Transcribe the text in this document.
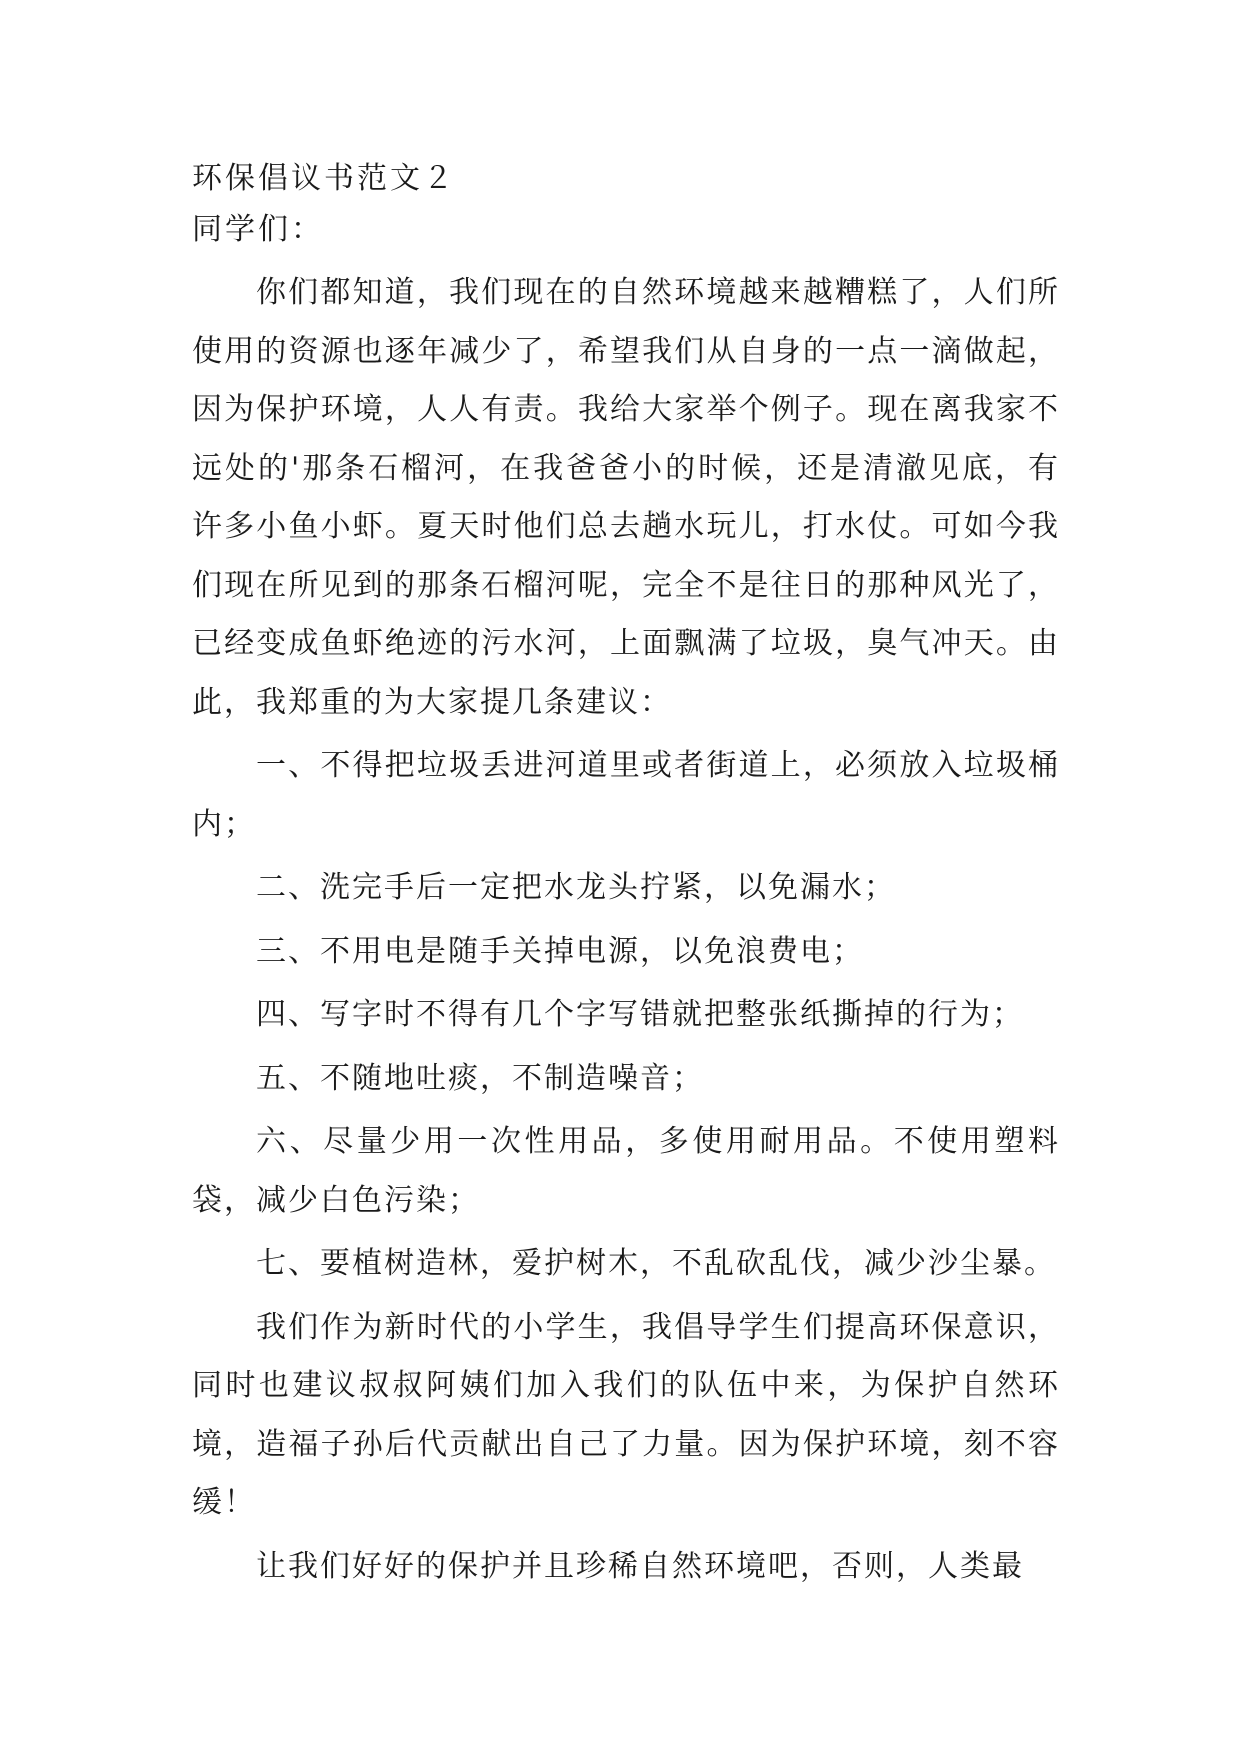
环保倡议书范文２
同学们：

你们都知道，我们现在的自然环境越来越糟糕了，人们所使用的资源也逐年减少了，希望我们从自身的一点一滴做起，因为保护环境，人人有责。我给大家举个例子。现在离我家不远处的'那条石榴河，在我爸爸小的时候，还是清澈见底，有许多小鱼小虾。夏天时他们总去趟水玩儿，打水仗。可如今我们现在所见到的那条石榴河呢，完全不是往日的那种风光了，已经变成鱼虾绝迹的污水河，上面飘满了垃圾，臭气冲天。由此，我郑重的为大家提几条建议：

一、不得把垃圾丢进河道里或者街道上，必须放入垃圾桶内；

二、洗完手后一定把水龙头拧紧，以免漏水；

三、不用电是随手关掉电源，以免浪费电；

四、写字时不得有几个字写错就把整张纸撕掉的行为；

五、不随地吐痰，不制造噪音；

六、尽量少用一次性用品，多使用耐用品。不使用塑料袋，减少白色污染；

七、要植树造林，爱护树木，不乱砍乱伐，减少沙尘暴。

我们作为新时代的小学生，我倡导学生们提高环保意识，同时也建议叔叔阿姨们加入我们的队伍中来，为保护自然环境，造福子孙后代贡献出自己了力量。因为保护环境，刻不容缓！

让我们好好的保护并且珍稀自然环境吧，否则，人类最
